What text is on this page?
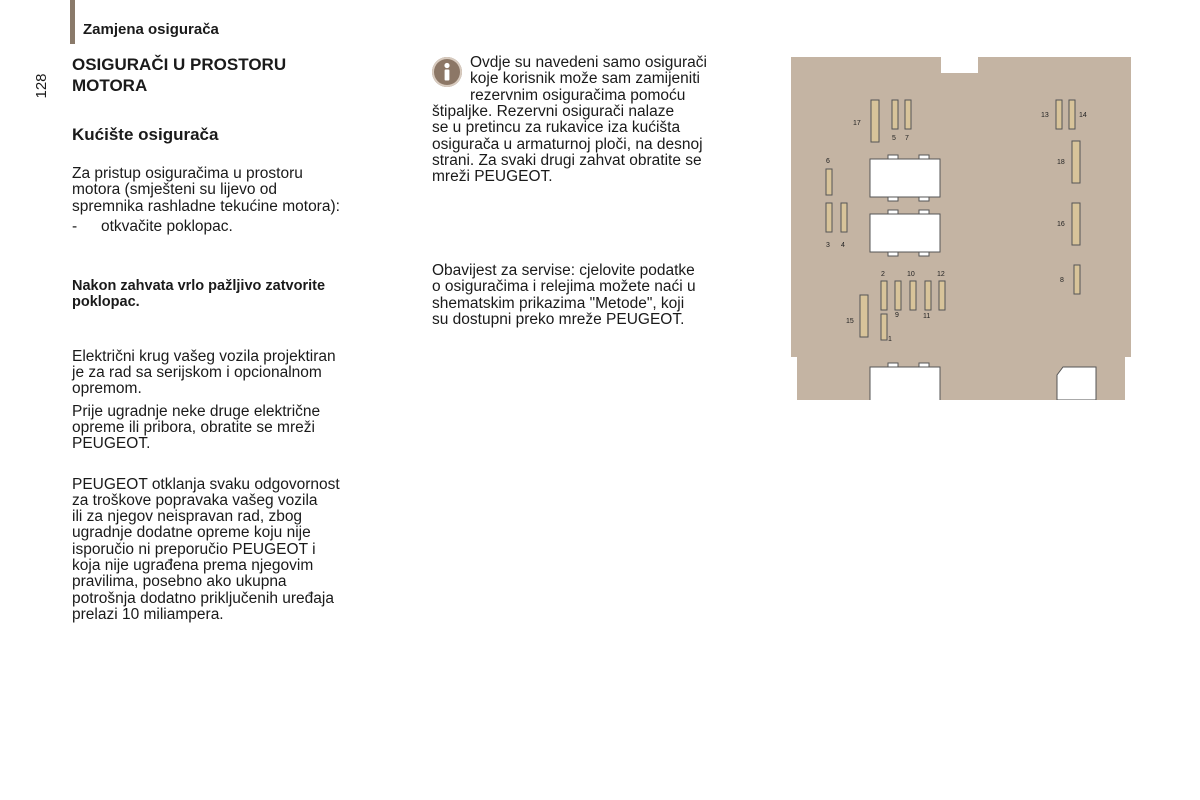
Zamjena osigurača
128
OSIGURAČI U PROSTORU
MOTORA
Kućište osigurača

Za pristup osiguračima u prostoru
motora (smješteni su lijevo od
spremnika rashladne tekućine motora):

-	otkvačite poklopac.

Nakon zahvata vrlo pažljivo zatvorite
poklopac.

Električni krug vašeg vozila projektiran
je za rad sa serijskom i opcionalnom
opremom.

Prije ugradnje neke druge električne
opreme ili pribora, obratite se mreži
PEUGEOT.

PEUGEOT otklanja svaku odgovornost
za troškove popravaka vašeg vozila
ili za njegov neispravan rad, zbog
ugradnje dodatne opreme koju nije
isporučio ni preporučio PEUGEOT i
koja nije ugrađena prema njegovim
pravilima, posebno ako ukupna
potrošnja dodatno priključenih uređaja
prelazi 10 miliampera.

Ovdje su navedeni samo osigurači
koje korisnik može sam zamijeniti
rezervnim osiguračima pomoću

štipaljke. Rezervni osigurači nalaze
se u pretincu za rukavice iza kućišta
osigurača u armaturnoj ploči, na desnoj
strani. Za svaki drugi zahvat obratite se
mreži PEUGEOT.

Obavijest za servise: cjelovite podatke
o osiguračima i relejima možete naći u
shematskim prikazima "Metode", koji
su dostupni preko mreže PEUGEOT.

17
5 7
13	14
6	18
3 4
16
2	10	12
8
9	11
15
1
